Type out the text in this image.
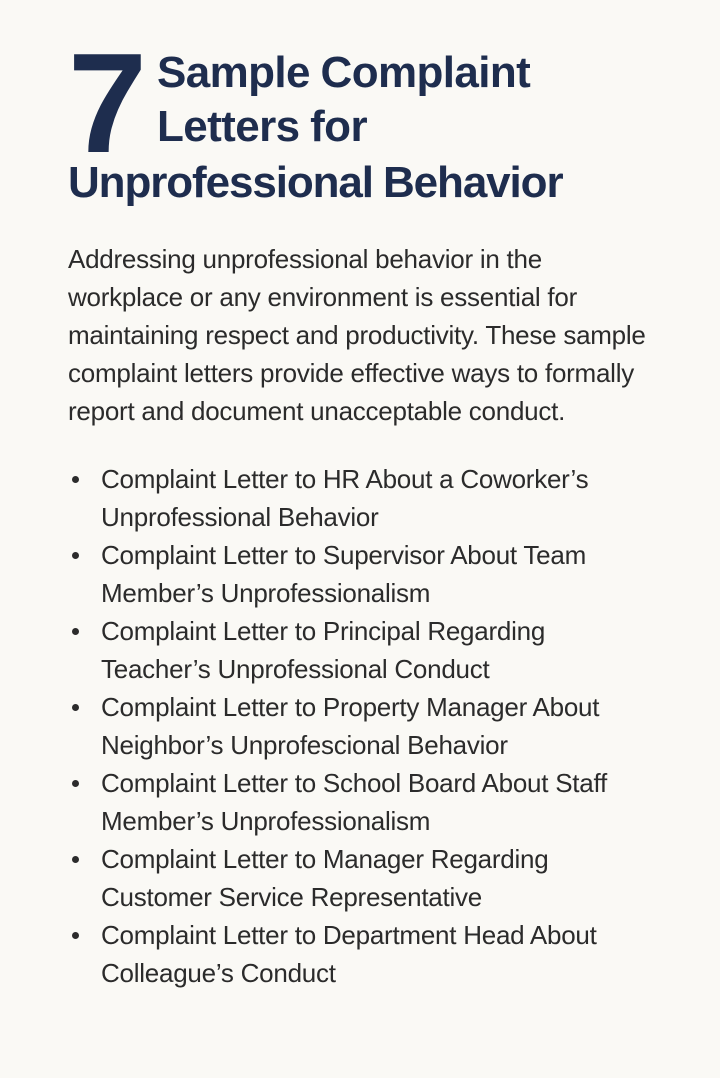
7 Sample Complaint
Letters for
Unprofessional Behavior

Addressing unprofessional behavior in the workplace or any environment is essential for maintaining respect and productivity. These sample complaint letters provide effective ways to formally report and document unacceptable conduct.

Complaint Letter to HR About a Coworker’s Unprofessional Behavior
Complaint Letter to Supervisor About Team Member’s Unprofessionalism
Complaint Letter to Principal Regarding Teacher’s Unprofessional Conduct
Complaint Letter to Property Manager About Neighbor’s Unprofescional Behavior
Complaint Letter to School Board About Staff Member’s Unprofessionalism
Complaint Letter to Manager Regarding Customer Service Representative
Complaint Letter to Department Head About Colleague’s Conduct
